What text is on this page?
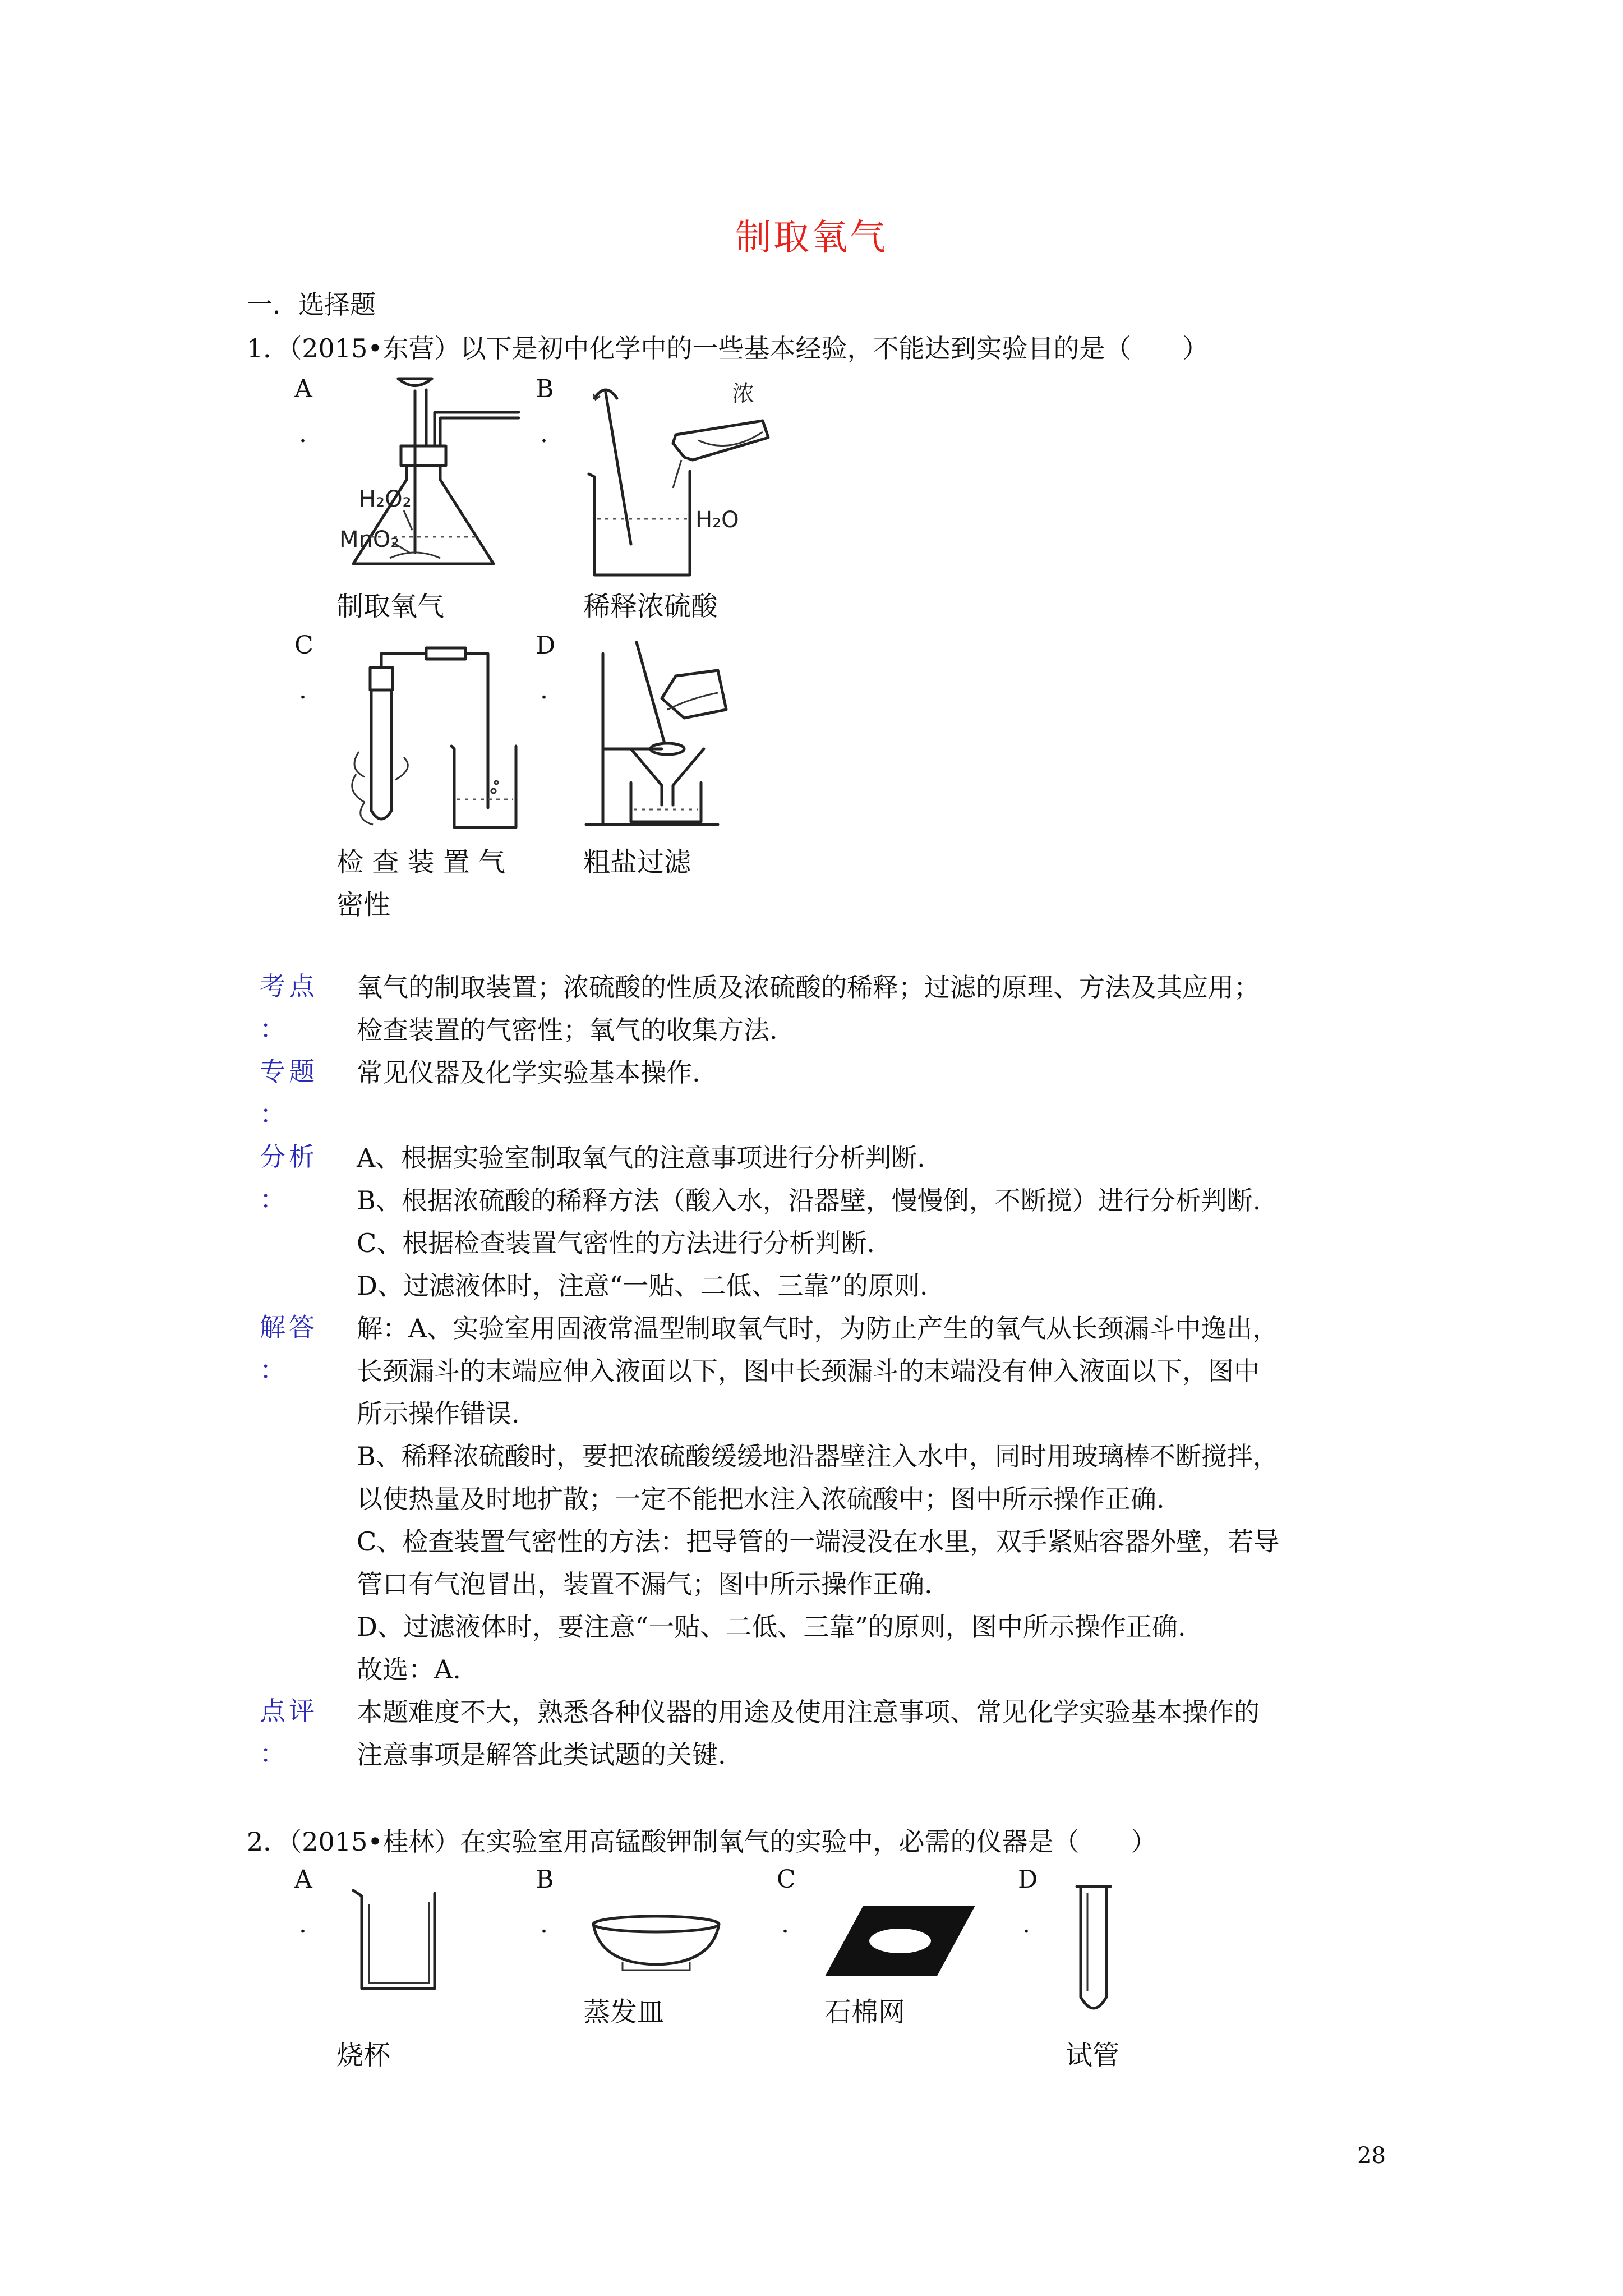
制取氧气
一．选择题
1．（2015•东营）以下是初中化学中的一些基本经验，不能达到实验目的是（　　）
A
.
H₂O₂
MnO₂
制取氧气
B
.
H₂O
浓
稀释浓硫酸
C
.
检 查 装 置 气
密性
D
.
粗盐过滤
考点
：
氧气的制取装置；浓硫酸的性质及浓硫酸的稀释；过滤的原理、方法及其应用；
检查装置的气密性；氧气的收集方法.
专题
：
常见仪器及化学实验基本操作.
分析
：
A、根据实验室制取氧气的注意事项进行分析判断.
B、根据浓硫酸的稀释方法（酸入水，沿器壁，慢慢倒，不断搅）进行分析判断.
C、根据检查装置气密性的方法进行分析判断.
D、过滤液体时，注意“一贴、二低、三靠”的原则.
解答
：
解：A、实验室用固液常温型制取氧气时，为防止产生的氧气从长颈漏斗中逸出，
长颈漏斗的末端应伸入液面以下，图中长颈漏斗的末端没有伸入液面以下，图中
所示操作错误.
B、稀释浓硫酸时，要把浓硫酸缓缓地沿器壁注入水中，同时用玻璃棒不断搅拌，
以使热量及时地扩散；一定不能把水注入浓硫酸中；图中所示操作正确.
C、检查装置气密性的方法：把导管的一端浸没在水里，双手紧贴容器外壁，若导
管口有气泡冒出，装置不漏气；图中所示操作正确.
D、过滤液体时，要注意“一贴、二低、三靠”的原则，图中所示操作正确.
故选：A.
点评
：
本题难度不大，熟悉各种仪器的用途及使用注意事项、常见化学实验基本操作的
注意事项是解答此类试题的关键.
2．（2015•桂林）在实验室用高锰酸钾制氧气的实验中，必需的仪器是（　　）
A
.
烧杯
B
.
蒸发皿
C
.
石棉网
D
.
试管
28
